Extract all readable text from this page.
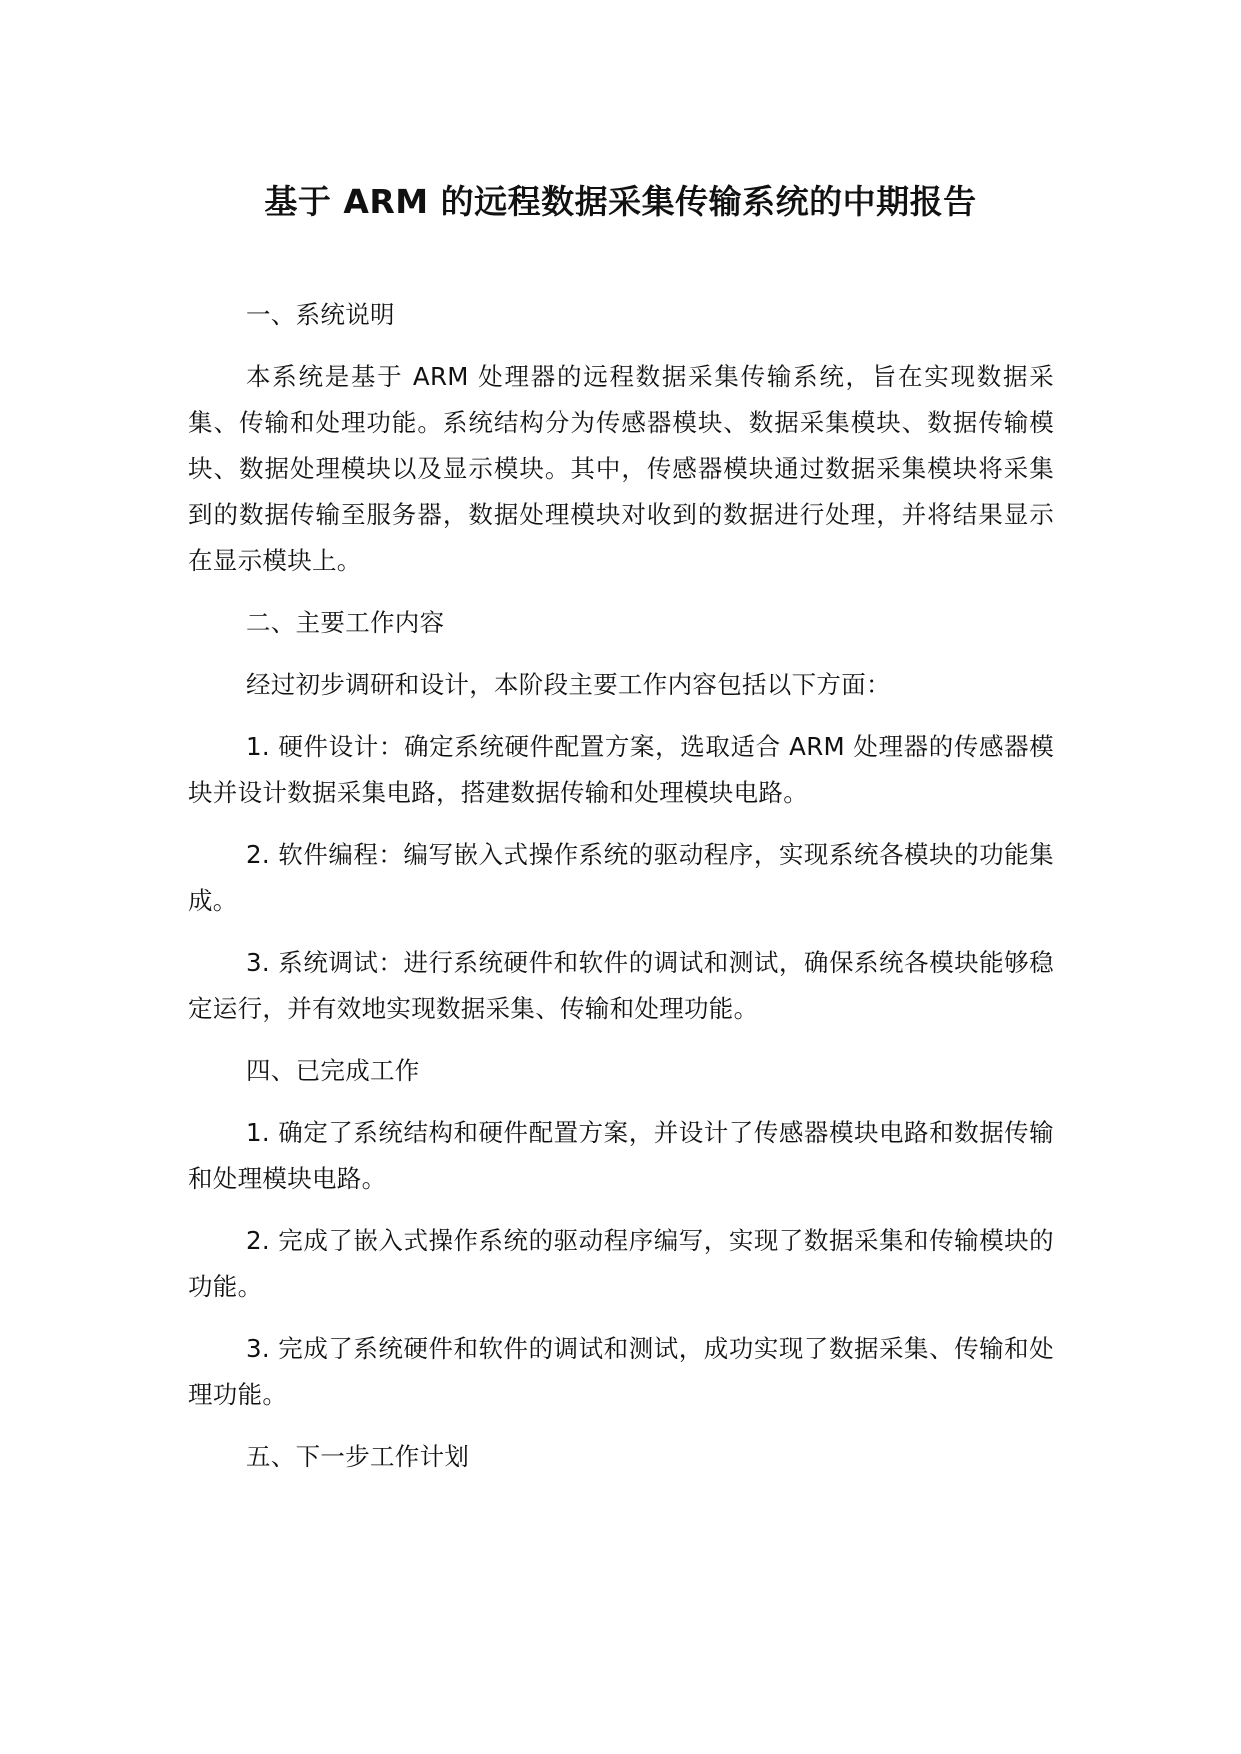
基于 ARM 的远程数据采集传输系统的中期报告

一、系统说明

本系统是基于 ARM 处理器的远程数据采集传输系统，旨在实现数据采集、传输和处理功能。系统结构分为传感器模块、数据采集模块、数据传输模块、数据处理模块以及显示模块。其中，传感器模块通过数据采集模块将采集到的数据传输至服务器，数据处理模块对收到的数据进行处理，并将结果显示在显示模块上。

二、主要工作内容

经过初步调研和设计，本阶段主要工作内容包括以下方面：

1. 硬件设计：确定系统硬件配置方案，选取适合 ARM 处理器的传感器模块并设计数据采集电路，搭建数据传输和处理模块电路。

2. 软件编程：编写嵌入式操作系统的驱动程序，实现系统各模块的功能集成。

3. 系统调试：进行系统硬件和软件的调试和测试，确保系统各模块能够稳定运行，并有效地实现数据采集、传输和处理功能。

四、已完成工作

1. 确定了系统结构和硬件配置方案，并设计了传感器模块电路和数据传输和处理模块电路。

2. 完成了嵌入式操作系统的驱动程序编写，实现了数据采集和传输模块的功能。

3. 完成了系统硬件和软件的调试和测试，成功实现了数据采集、传输和处理功能。

五、下一步工作计划
